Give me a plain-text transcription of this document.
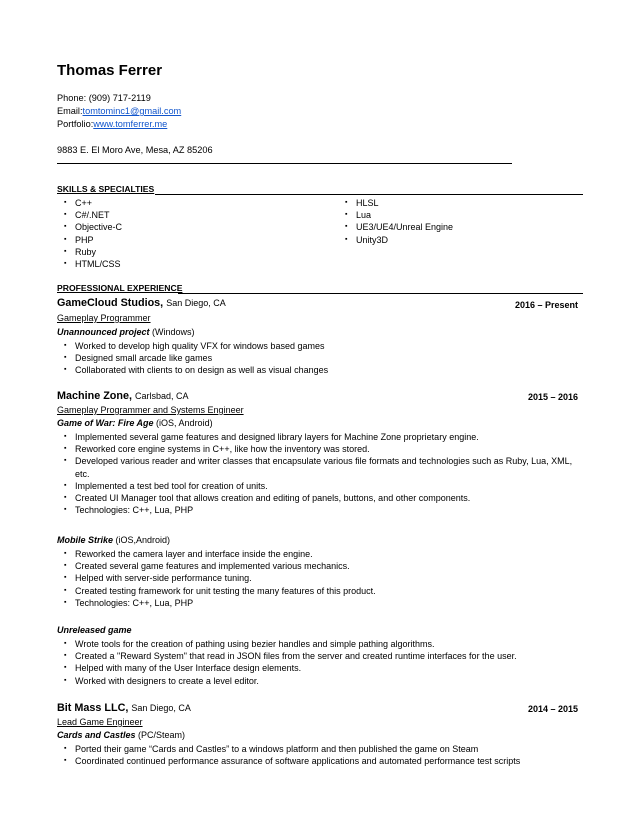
Thomas Ferrer
Phone: (909) 717-2119
Email:tomtominc1@gmail.com
Portfolio:www.tomferrer.me
9883 E. El Moro Ave, Mesa, AZ 85206
SKILLS & SPECIALTIES
▪ C++
▪ C#/.NET
▪ Objective-C
▪ PHP
▪ Ruby
▪ HTML/CSS
▪ HLSL
▪ Lua
▪ UE3/UE4/Unreal Engine
▪ Unity3D
PROFESSIONAL EXPERIENCE
GameCloud Studios, San Diego, CA	2016 – Present
Gameplay Programmer
Unannounced project (Windows)
▪ Worked to develop high quality VFX for windows based games
▪ Designed small arcade like games
▪ Collaborated with clients to on design as well as visual changes
Machine Zone, Carlsbad, CA	2015 – 2016
Gameplay Programmer and Systems Engineer
Game of War: Fire Age (iOS, Android)
▪ Implemented several game features and designed library layers for Machine Zone proprietary engine.
▪ Reworked core engine systems in C++, like how the inventory was stored.
▪ Developed various reader and writer classes that encapsulate various file formats and technologies such as Ruby, Lua, XML, etc.
▪ Implemented a test bed tool for creation of units.
▪ Created UI Manager tool that allows creation and editing of panels, buttons, and other components.
▪ Technologies: C++, Lua, PHP
Mobile Strike (iOS,Android)
▪ Reworked the camera layer and interface inside the engine.
▪ Created several game features and implemented various mechanics.
▪ Helped with server-side performance tuning.
▪ Created testing framework for unit testing the many features of this product.
▪ Technologies: C++, Lua, PHP
Unreleased game
▪ Wrote tools for the creation of pathing using bezier handles and simple pathing algorithms.
▪ Created a "Reward System" that read in JSON files from the server and created runtime interfaces for the user.
▪ Helped with many of the User Interface design elements.
▪ Worked with designers to create a level editor.
Bit Mass LLC, San Diego, CA	2014 – 2015
Lead Game Engineer
Cards and Castles (PC/Steam)
▪ Ported their game “Cards and Castles” to a windows platform and then published the game on Steam
▪ Coordinated continued performance assurance of software applications and automated performance test scripts
